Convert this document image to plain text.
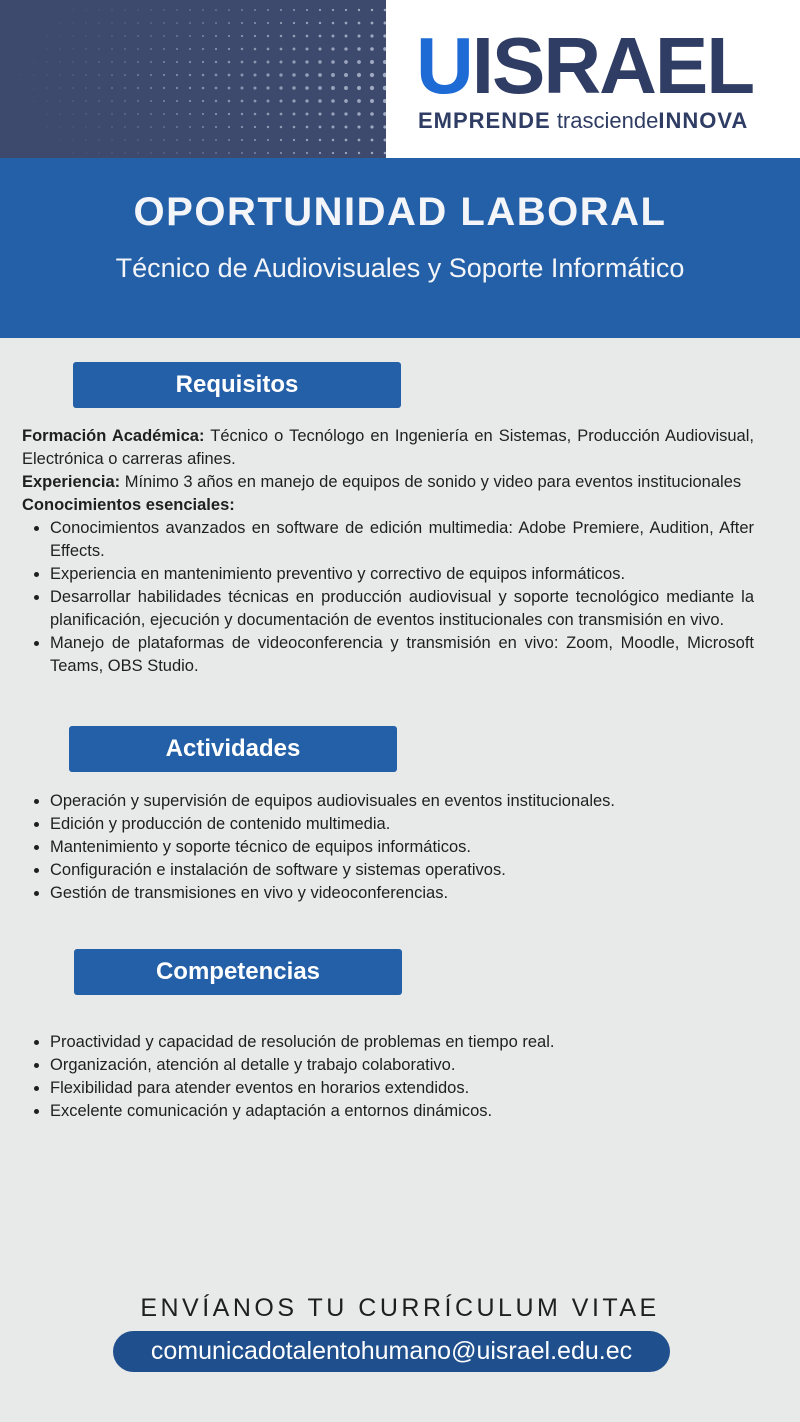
UISRAEL
EMPRENDE trasciendeINNOVA
OPORTUNIDAD LABORAL
Técnico de Audiovisuales y Soporte Informático
Requisitos

Formación Académica: Técnico o Tecnólogo en Ingeniería en Sistemas, Producción Audiovisual, Electrónica o carreras afines.

Experiencia: Mínimo 3 años en manejo de equipos de sonido y video para eventos institucionales

Conocimientos esenciales:

• Conocimientos avanzados en software de edición multimedia: Adobe Premiere, Audition, After Effects.
• Experiencia en mantenimiento preventivo y correctivo de equipos informáticos.
• Desarrollar habilidades técnicas en producción audiovisual y soporte tecnológico mediante la planificación, ejecución y documentación de eventos institucionales con transmisión en vivo.
• Manejo de plataformas de videoconferencia y transmisión en vivo: Zoom, Moodle, Microsoft Teams, OBS Studio.
Actividades
• Operación y supervisión de equipos audiovisuales en eventos institucionales.
• Edición y producción de contenido multimedia.
• Mantenimiento y soporte técnico de equipos informáticos.
• Configuración e instalación de software y sistemas operativos.
• Gestión de transmisiones en vivo y videoconferencias.
Competencias
• Proactividad y capacidad de resolución de problemas en tiempo real.
• Organización, atención al detalle y trabajo colaborativo.
• Flexibilidad para atender eventos en horarios extendidos.
• Excelente comunicación y adaptación a entornos dinámicos.
ENVÍANOS TU CURRÍCULUM VITAE
comunicadotalentohumano@uisrael.edu.ec
